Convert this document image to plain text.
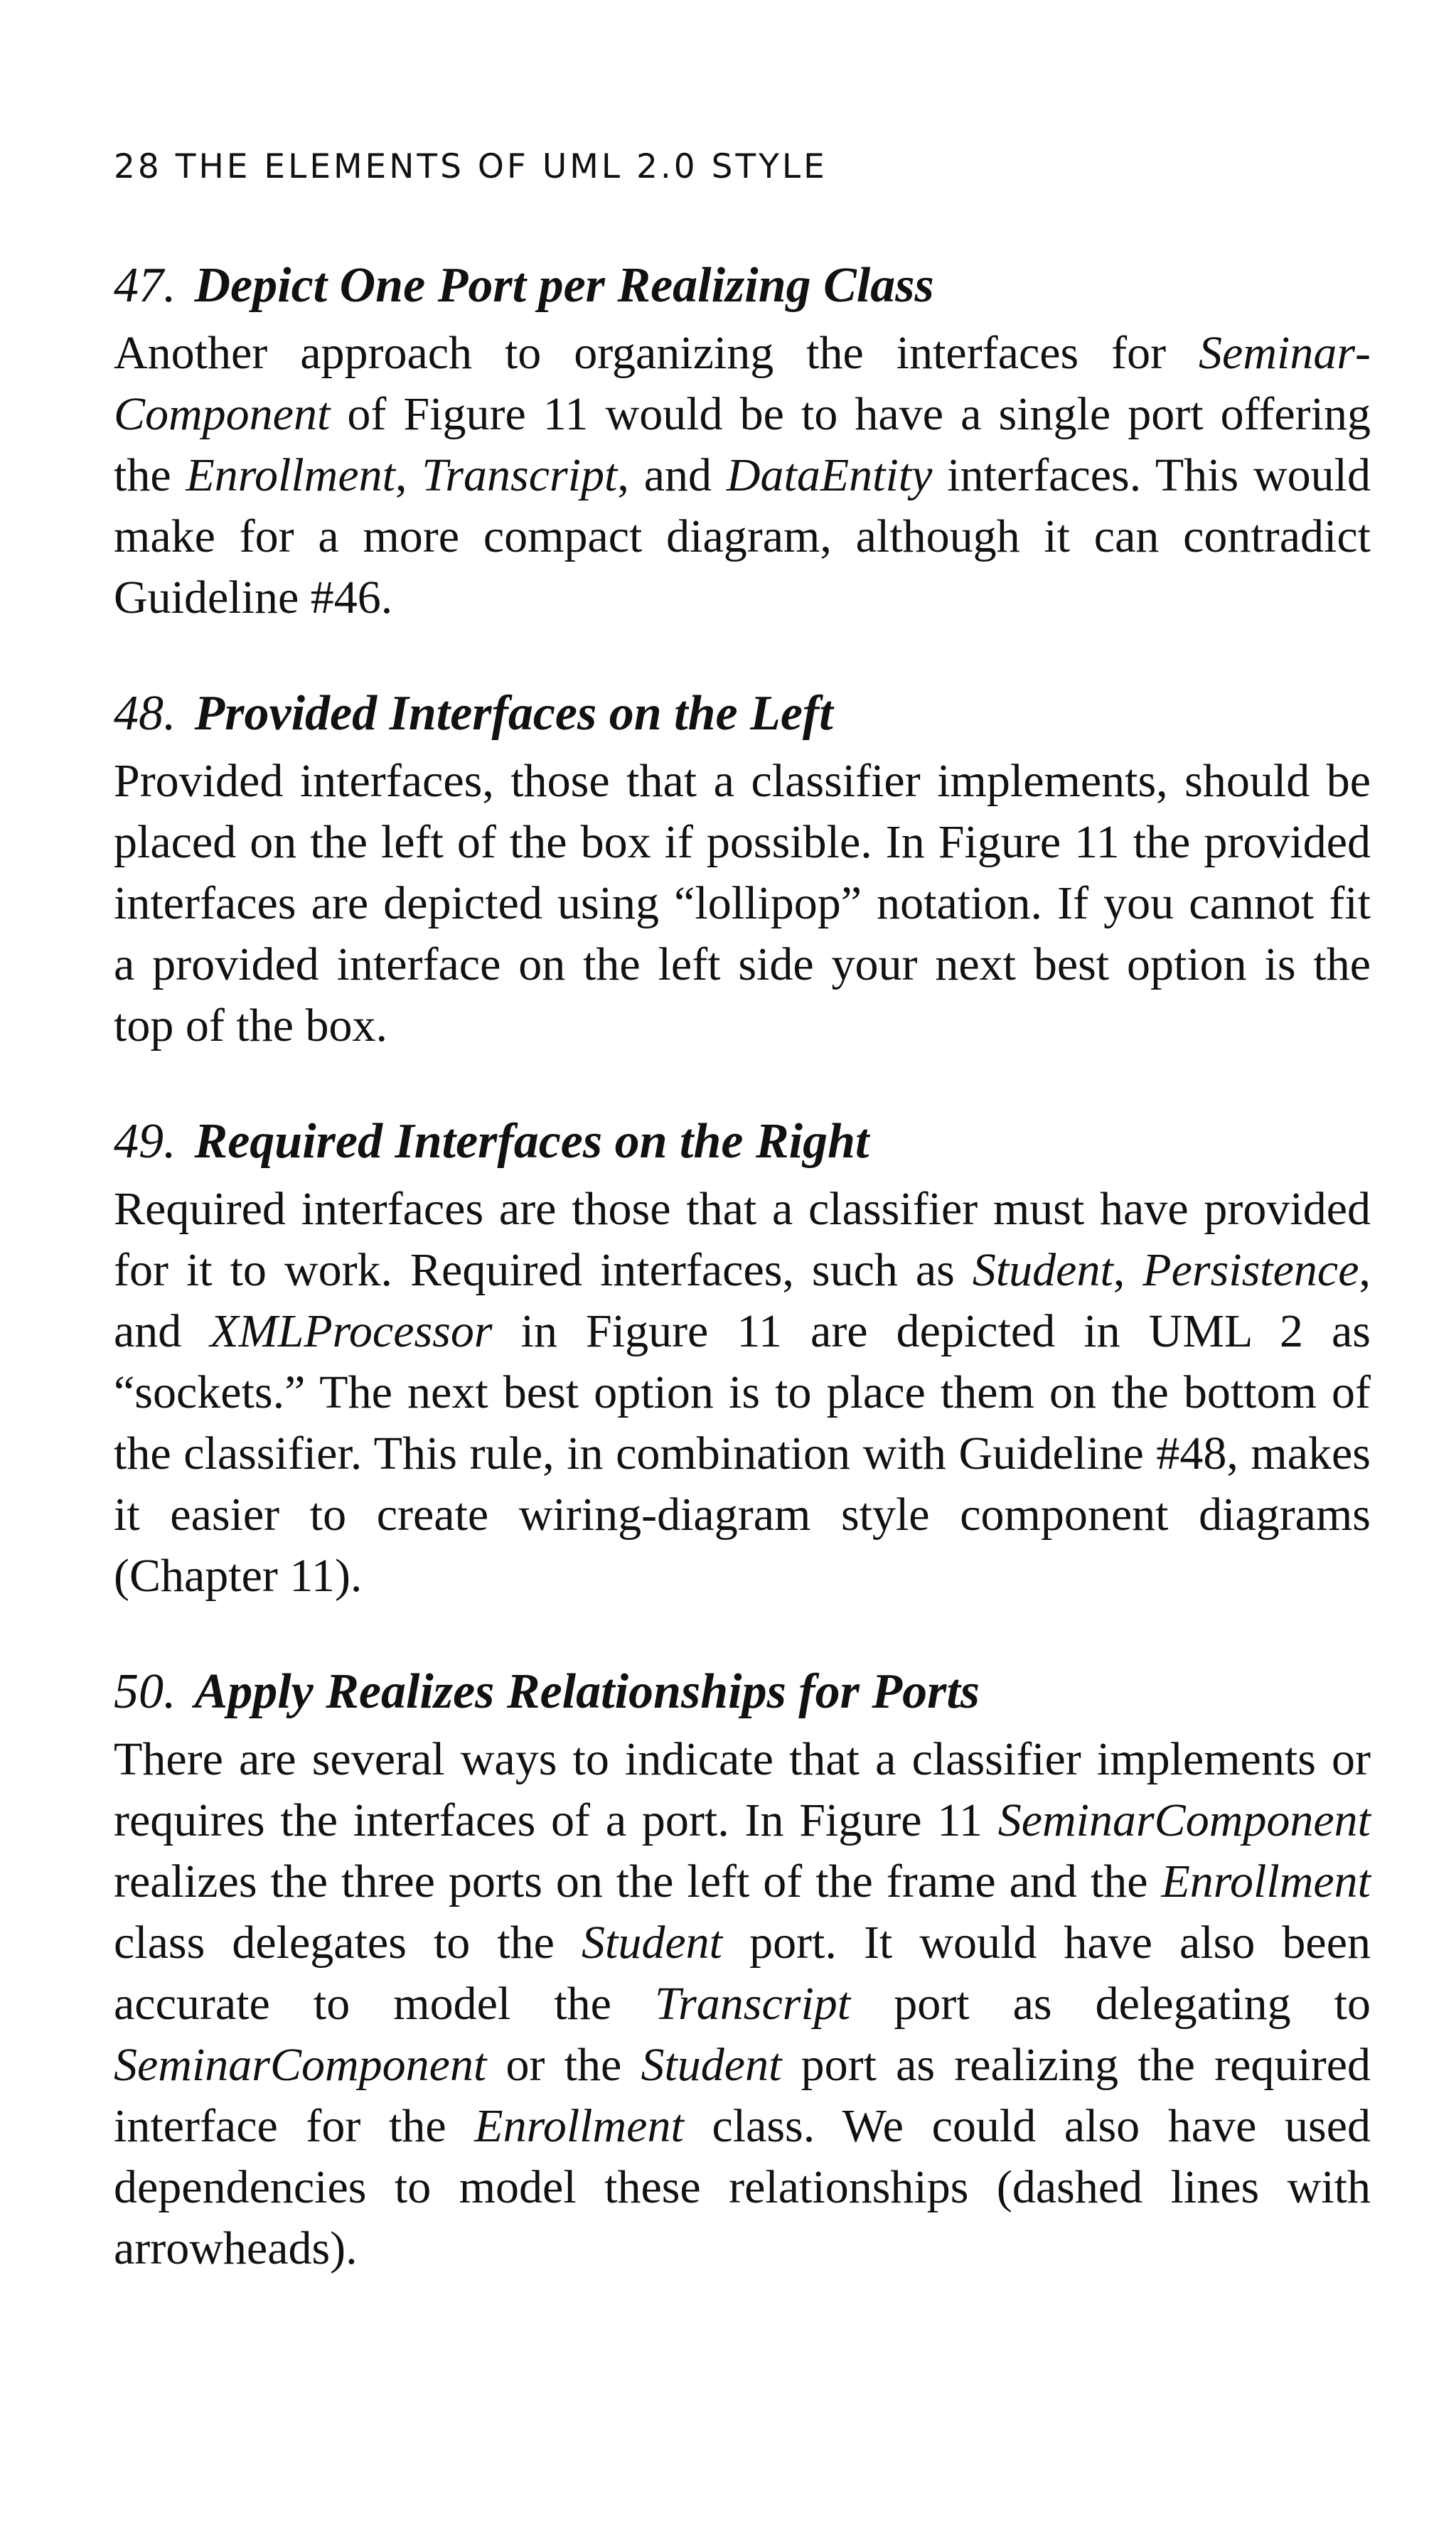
28 THE ELEMENTS OF UML 2.0 STYLE
47. Depict One Port per Realizing Class

Another approach to organizing the interfaces for SeminarComponent of Figure 11 would be to have a single port offering the Enrollment, Transcript, and DataEntity interfaces. This would make for a more compact diagram, although it can contradict Guideline #46.

48. Provided Interfaces on the Left

Provided interfaces, those that a classifier implements, should be placed on the left of the box if possible. In Figure 11 the provided interfaces are depicted using “lollipop” notation. If you cannot fit a provided interface on the left side your next best option is the top of the box.

49. Required Interfaces on the Right

Required interfaces are those that a classifier must have provided for it to work. Required interfaces, such as Student, Persistence, and XMLProcessor in Figure 11 are depicted in UML 2 as “sockets.” The next best option is to place them on the bottom of the classifier. This rule, in combination with Guideline #48, makes it easier to create wiring-diagram style component diagrams (Chapter 11).

50. Apply Realizes Relationships for Ports

There are several ways to indicate that a classifier implements or requires the interfaces of a port. In Figure 11 SeminarComponent realizes the three ports on the left of the frame and the Enrollment class delegates to the Student port. It would have also been accurate to model the Transcript port as delegating to SeminarComponent or the Student port as realizing the required interface for the Enrollment class. We could also have used dependencies to model these relationships (dashed lines with arrowheads).
